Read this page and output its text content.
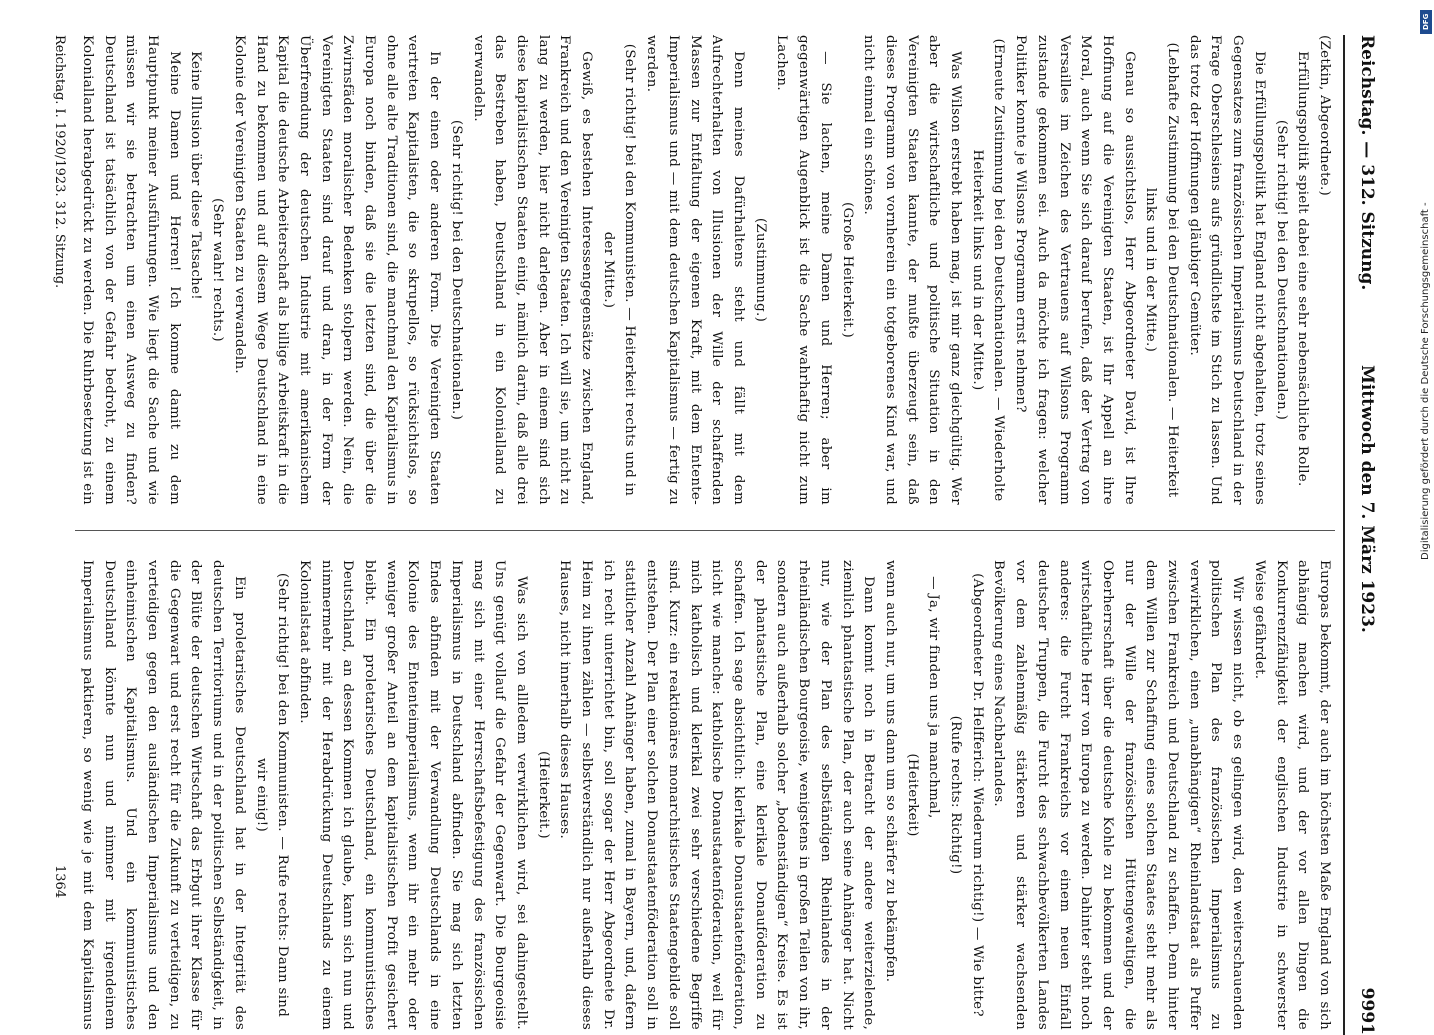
Reichstag. — 312. Sitzung.
Mittwoch den 7. März 1923.
9991

(Zetkin, Abgeordnete.)

Erfüllungspolitik spielt dabei eine sehr nebensächliche Rolle.

(Sehr richtig! bei den Deutschnationalen.)

Die Erfüllungspolitik hat England nicht abgehalten, trotz seines Gegensatzes zum französischen Imperialismus Deutschland in der Frage Oberschlesiens aufs gründlichste im Stich zu lassen. Und das trotz der Hoffnungen gläubiger Gemüter.

(Lebhafte Zustimmung bei den Deutschnationalen. — Heiterkeit links und in der Mitte.)

Genau so aussichtslos, Herr Abgeordneter David, ist Ihre Hoffnung auf die Vereinigten Staaten, ist Ihr Appell an ihre Moral, auch wenn Sie sich darauf berufen, daß der Vertrag von Versailles im Zeichen des Vertrauens auf Wilsons Programm zustande gekommen sei. Auch da möchte ich fragen: welcher Politiker konnte je Wilsons Programm ernst nehmen?

(Erneute Zustimmung bei den Deutschnationalen. — Wiederholte Heiterkeit links und in der Mitte.)

Was Wilson erstrebt haben mag, ist mir ganz gleichgültig. Wer aber die wirtschaftliche und politische Situation in den Vereinigten Staaten kannte, der mußte überzeugt sein, daß dieses Programm von vornherein ein totgeborenes Kind war, und nicht einmal ein schönes.

(Große Heiterkeit.)

— Sie lachen, meine Damen und Herren; aber im gegenwärtigen Augenblick ist die Sache wahrhaftig nicht zum Lachen.

(Zustimmung.)

Denn meines Dafürhaltens steht und fällt mit dem Aufrechterhalten von Illusionen der Wille der schaffenden Massen zur Entfaltung der eigenen Kraft, mit dem Entente-Imperialismus und — mit dem deutschen Kapitalismus — fertig zu werden.

(Sehr richtig! bei den Kommunisten. — Heiterkeit rechts und in der Mitte.)

Gewiß, es bestehen Interessengegensätze zwischen England, Frankreich und den Vereinigten Staaten. Ich will sie, um nicht zu lang zu werden, hier nicht darlegen. Aber in einem sind sich diese kapitalistischen Staaten einig, nämlich darin, daß alle drei das Bestreben haben, Deutschland in ein Kolonialland zu verwandeln.

(Sehr richtig! bei den Deutschnationalen.)

In der einen oder anderen Form. Die Vereinigten Staaten vertreten Kapitalisten, die so skrupellos, so rücksichtslos, so ohne alle alte Traditionen sind, die manchmal den Kapitalismus in Europa noch binden, daß sie die letzten sind, die über die Zwirnsfäden moralischer Bedenken stolpern werden. Nein, die Vereinigten Staaten sind drauf und dran, in der Form der Überfremdung der deutschen Industrie mit amerikanischem Kapital die deutsche Arbeiterschaft als billige Arbeitskraft in die Hand zu bekommen und auf diesem Wege Deutschland in eine Kolonie der Vereinigten Staaten zu verwandeln.

(Sehr wahr! rechts.)

Keine Illusion über diese Tatsache!

Meine Damen und Herren! Ich komme damit zu dem Hauptpunkt meiner Ausführungen. Wie liegt die Sache und wie müssen wir sie betrachten um einen Ausweg zu finden? Deutschland ist tatsächlich von der Gefahr bedroht, zu einem Kolonialland herabgedrückt zu werden. Die Ruhrbesetzung ist ein

Europas bekommt, der auch im höchsten Maße England von sich abhängig machen wird, und der vor allen Dingen die Konkurrenzfähigkeit der englischen Industrie in schwerster Weise gefährdet.

Wir wissen nicht, ob es gelingen wird, den weiterschauenden politischen Plan des französischen Imperialismus zu verwirklichen, einen „unabhängigen“ Rheinlandstaat als Puffer zwischen Frankreich und Deutschland zu schaffen. Denn hinter dem Willen zur Schaffung eines solchen Staates steht mehr als nur der Wille der französischen Hüttengewaltigen, die Oberherrschaft über die deutsche Kohle zu bekommen und der wirtschaftliche Herr von Europa zu werden. Dahinter steht noch anderes: die Furcht Frankreichs vor einem neuen Einfall deutscher Truppen, die Furcht des schwachbevölkerten Landes vor dem zahlenmäßig stärkeren und stärker wachsenden Bevölkerung eines Nachbarlandes.

(Abgeordneter Dr. Helfferich: Wiederum richtig!) — Wie bitte?

(Rufe rechts: Richtig!)

— Ja, wir finden uns ja manchmal,

(Heiterkeit)

wenn auch nur, um uns dann um so schärfer zu bekämpfen.

Dann kommt noch in Betracht der andere weiterzielende, ziemlich phantastische Plan, der auch seine Anhänger hat. Nicht nur, wie der Plan des selbständigen Rheinlandes in der rheinländischen Bourgeoisie, wenigstens in großen Teilen von ihr, sondern auch außerhalb solcher „bodenständigen“ Kreise. Es ist der phantastische Plan, eine klerikale Donauföderation zu schaffen. Ich sage absichtlich: klerikale Donaustaatenföderation, nicht wie manche: katholische Donaustaatenföderation, weil für mich katholisch und klerikal zwei sehr verschiedene Begriffe sind. Kurz: ein reaktionäres monarchistisches Staatengebilde soll entstehen. Der Plan einer solchen Donaustaatenföderation soll in stattlicher Anzahl Anhänger haben, zumal in Bayern, und, dafern ich recht unterrichtet bin, soll sogar der Herr Abgeordnete Dr. Heim zu ihnen zählen — selbstverständlich nur außerhalb dieses Hauses, nicht innerhalb dieses Hauses.

(Heiterkeit.)

Was sich von allledem verwirklichen wird, sei dahingestellt. Uns genügt vollauf die Gefahr der Gegenwart. Die Bourgeoisie mag sich mit einer Herrschaftsbefestigung des französischen Imperialismus in Deutschland abfinden. Sie mag sich letzten Endes abfinden mit der Verwandlung Deutschlands in eine Kolonie des Ententeimperialismus, wenn ihr ein mehr oder weniger großer Anteil an dem kapitalistischen Profit gesichert bleibt. Ein proletarisches Deutschland, ein kommunistisches Deutschland, an dessen Kommen ich glaube, kann sich nun und nimmermehr mit der Herabdrückung Deutschlands zu einem Kolonialstaat abfinden.

(Sehr richtig! bei den Kommunisten. — Rufe rechts: Dann sind wir einig!)

Ein proletarisches Deutschland hat in der Integrität des deutschen Territoriums und in der politischen Selbständigkeit, in der Blüte der deutschen Wirtschaft das Erbgut ihrer Klasse für die Gegenwart und erst recht für die Zukunft zu verteidigen, zu verteidigen gegen den ausländischen Imperialismus und den einheimischen Kapitalismus. Und ein kommunistisches Deutschland könnte nun und nimmer mit irgendeinem Imperialismus paktieren, so wenig wie je mit dem Kapitalismus

Reichstag. I. 1920/1923. 312. Sitzung.
1364
DFG
Digitalisierung gefördert durch die Deutsche Forschungsgemeinschaft -
